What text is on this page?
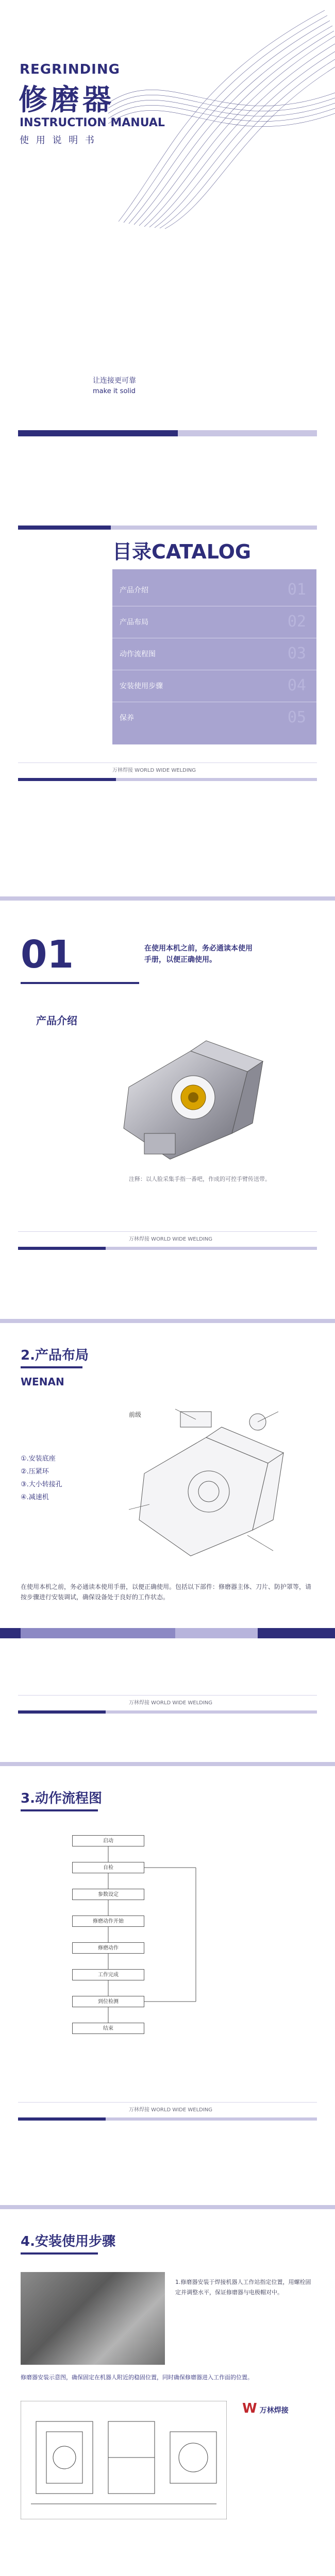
REGRINDING
修磨器
INSTRUCTION MANUAL
使 用 说 明 书
让连接更可靠
make it solid
目录CATALOG
产品介绍	01
产品布局	02
动作流程图	03
安装使用步骤	04
保养	05
万林焊接 WORLD WIDE WELDING
01	在使用本机之前，务必通读本使用手册，以便正确使用。
产品介绍
注释：以人脸采集手指一番吧，作成的可控手臂传送带。
万林焊接 WORLD WIDE WELDING
2.产品布局
WENAN
①.安装底座
②.压紧环
③.大小转接孔
④.减速机
前级
在使用本机之前，务必通读本使用手册，以便正确使用。包括以下部件：修磨器主体、刀片、防护罩等，请按步骤进行安装调试，确保设备处于良好的工作状态。
万林焊接 WORLD WIDE WELDING
3.动作流程图
启动
自检
参数设定
修磨动作开始
修磨动作
工作完成
到位检测
结束
万林焊接 WORLD WIDE WELDING
4.安装使用步骤
1.修磨器安装于焊接机器人工作站指定位置，用螺栓固定并调整水平，保证修磨器与电极帽对中。
修磨器安装示意图，确保固定在机器人附近的稳固位置，同时确保修磨器进入工作面的位置。
W 万林焊接
